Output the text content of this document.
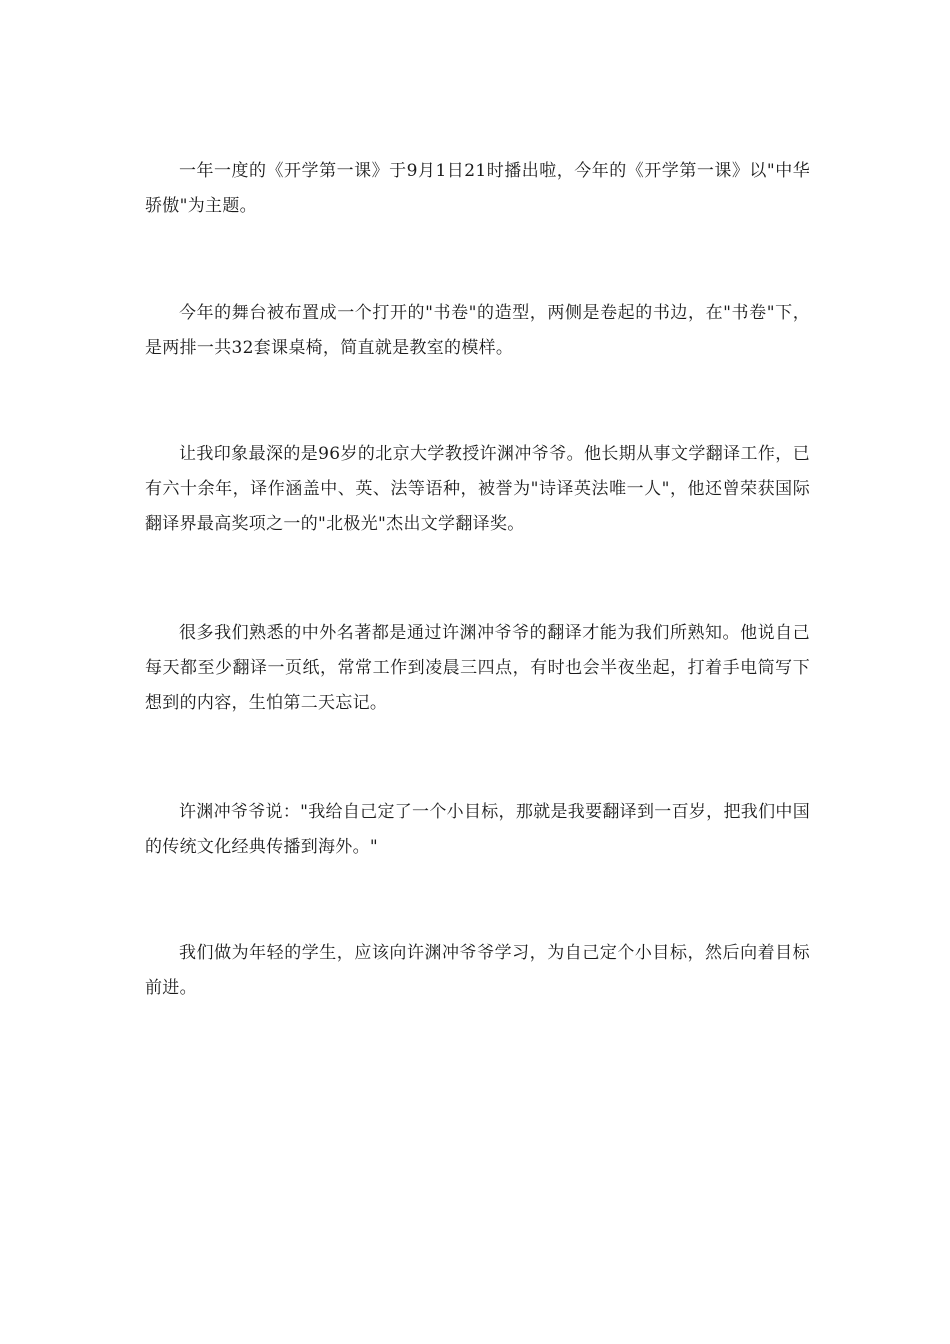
一年一度的《开学第一课》于9月1日21时播出啦，今年的《开学第一课》以"中华骄傲"为主题。

今年的舞台被布置成一个打开的"书卷"的造型，两侧是卷起的书边，在"书卷"下，是两排一共32套课桌椅，简直就是教室的模样。

让我印象最深的是96岁的北京大学教授许渊冲爷爷。他长期从事文学翻译工作，已有六十余年，译作涵盖中、英、法等语种，被誉为"诗译英法唯一人"，他还曾荣获国际翻译界最高奖项之一的"北极光"杰出文学翻译奖。

很多我们熟悉的中外名著都是通过许渊冲爷爷的翻译才能为我们所熟知。他说自己每天都至少翻译一页纸，常常工作到凌晨三四点，有时也会半夜坐起，打着手电筒写下想到的内容，生怕第二天忘记。

许渊冲爷爷说："我给自己定了一个小目标，那就是我要翻译到一百岁，把我们中国的传统文化经典传播到海外。"

我们做为年轻的学生，应该向许渊冲爷爷学习，为自己定个小目标，然后向着目标前进。
